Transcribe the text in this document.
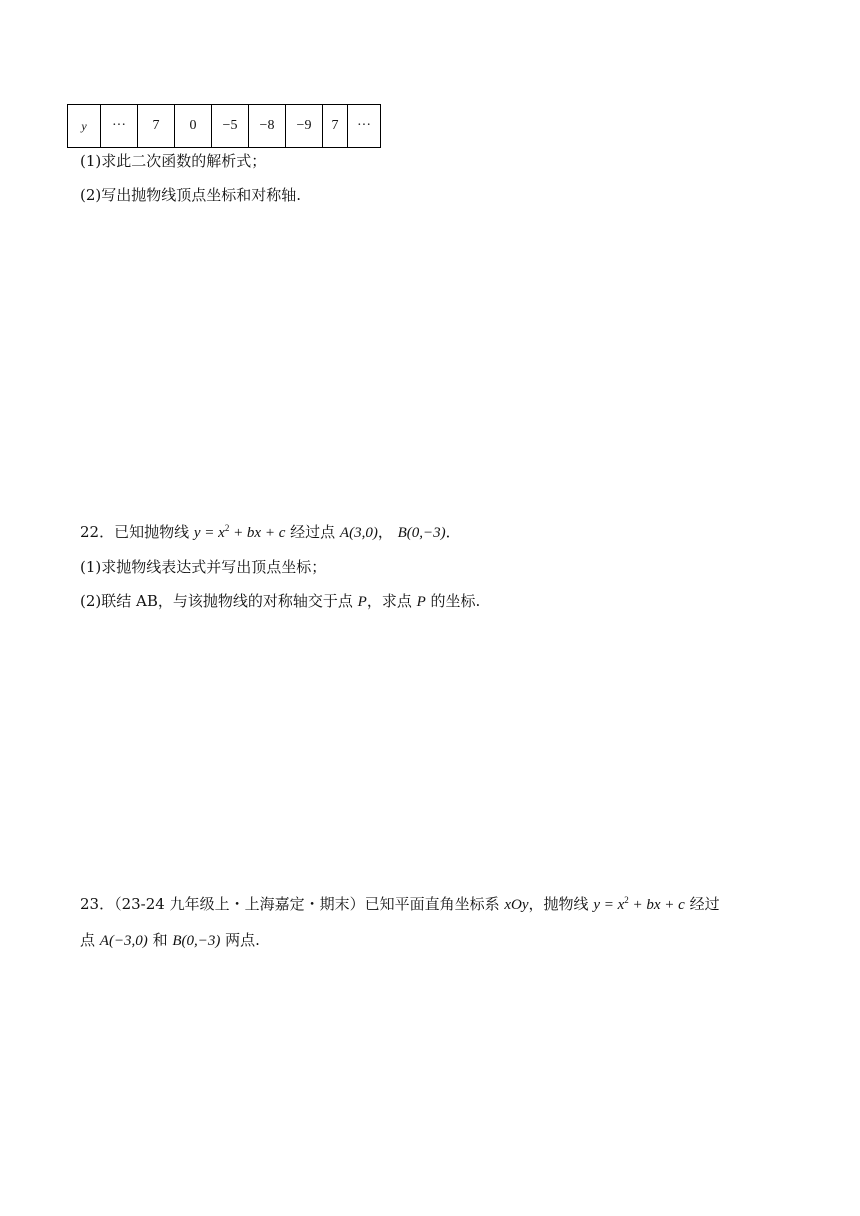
y	···	7	0	−5	−8	−9	7	···
(1)求此二次函数的解析式；
(2)写出抛物线顶点坐标和对称轴.
22．已知抛物线 $y = x^2$ + bx + c 经过点 A(3,0)， B(0,−3)．
(1)求抛物线表达式并写出顶点坐标；
(2)联结 AB，与该抛物线的对称轴交于点 P，求点 P 的坐标.
23．（23-24 九年级上・上海嘉定・期末）已知平面直角坐标系 xOy，抛物线 $y = x^2$ + bx + c 经过
点 A(−3,0) 和 B(0,−3) 两点.
